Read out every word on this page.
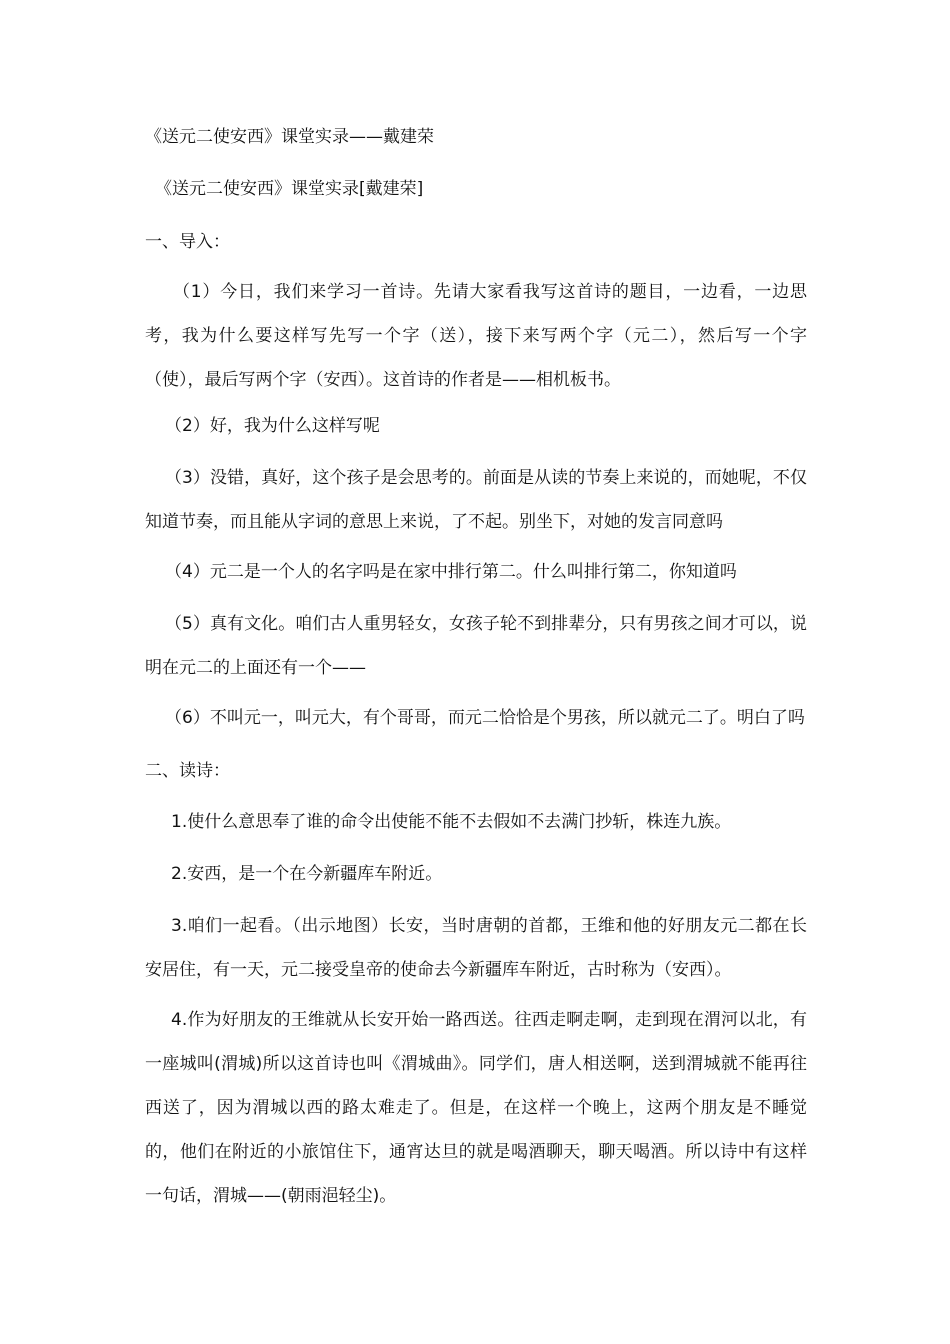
《送元二使安西》课堂实录——戴建荣
《送元二使安西》课堂实录[戴建荣]
一、导入：
（1）今日，我们来学习一首诗。先请大家看我写这首诗的题目，一边看，一边思考，我为什么要这样写先写一个字（送），接下来写两个字（元二），然后写一个字（使），最后写两个字（安西）。这首诗的作者是——相机板书。
（2）好，我为什么这样写呢
（3）没错，真好，这个孩子是会思考的。前面是从读的节奏上来说的，而她呢，不仅知道节奏，而且能从字词的意思上来说，了不起。别坐下，对她的发言同意吗
（4）元二是一个人的名字吗是在家中排行第二。什么叫排行第二，你知道吗
（5）真有文化。咱们古人重男轻女，女孩子轮不到排辈分，只有男孩之间才可以，说明在元二的上面还有一个——
（6）不叫元一，叫元大，有个哥哥，而元二恰恰是个男孩，所以就元二了。明白了吗
二、读诗：
1.使什么意思奉了谁的命令出使能不能不去假如不去满门抄斩，株连九族。
2.安西，是一个在今新疆库车附近。
3.咱们一起看。（出示地图）长安，当时唐朝的首都，王维和他的好朋友元二都在长安居住，有一天，元二接受皇帝的使命去今新疆库车附近，古时称为（安西）。
4.作为好朋友的王维就从长安开始一路西送。往西走啊走啊，走到现在渭河以北，有一座城叫(渭城)所以这首诗也叫《渭城曲》。同学们，唐人相送啊，送到渭城就不能再往西送了，因为渭城以西的路太难走了。但是，在这样一个晚上，这两个朋友是不睡觉的，他们在附近的小旅馆住下，通宵达旦的就是喝酒聊天，聊天喝酒。所以诗中有这样一句话，渭城——(朝雨浥轻尘)。
